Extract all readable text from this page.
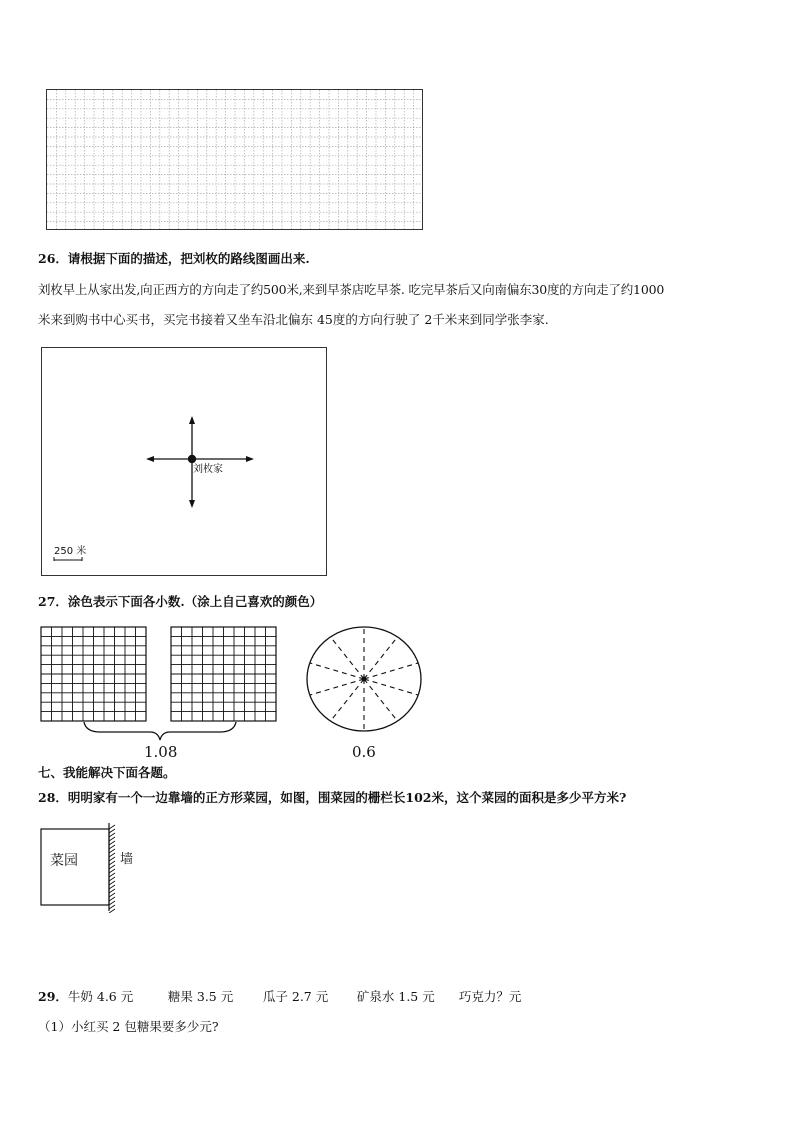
26．请根据下面的描述，把刘枚的路线图画出来.
刘枚早上从家出发,向正西方的方向走了约500米,来到早茶店吃早茶. 吃完早茶后又向南偏东30度的方向走了约1000
米来到购书中心买书，买完书接着又坐车沿北偏东 45度的方向行驶了 2千米来到同学张李家.
刘枚家
250 米
27．涂色表示下面各小数.（涂上自己喜欢的颜色）
1.08	0.6
七、我能解决下面各题。
28．明明家有一个一边靠墙的正方形菜园，如图，围菜园的栅栏长102米，这个菜园的面积是多少平方米?
菜园	墙
29．牛奶 4.6 元	糖果 3.5 元 瓜子 2.7 元 矿泉水 1.5 元 巧克力？元
（1）小红买 2 包糖果要多少元?
